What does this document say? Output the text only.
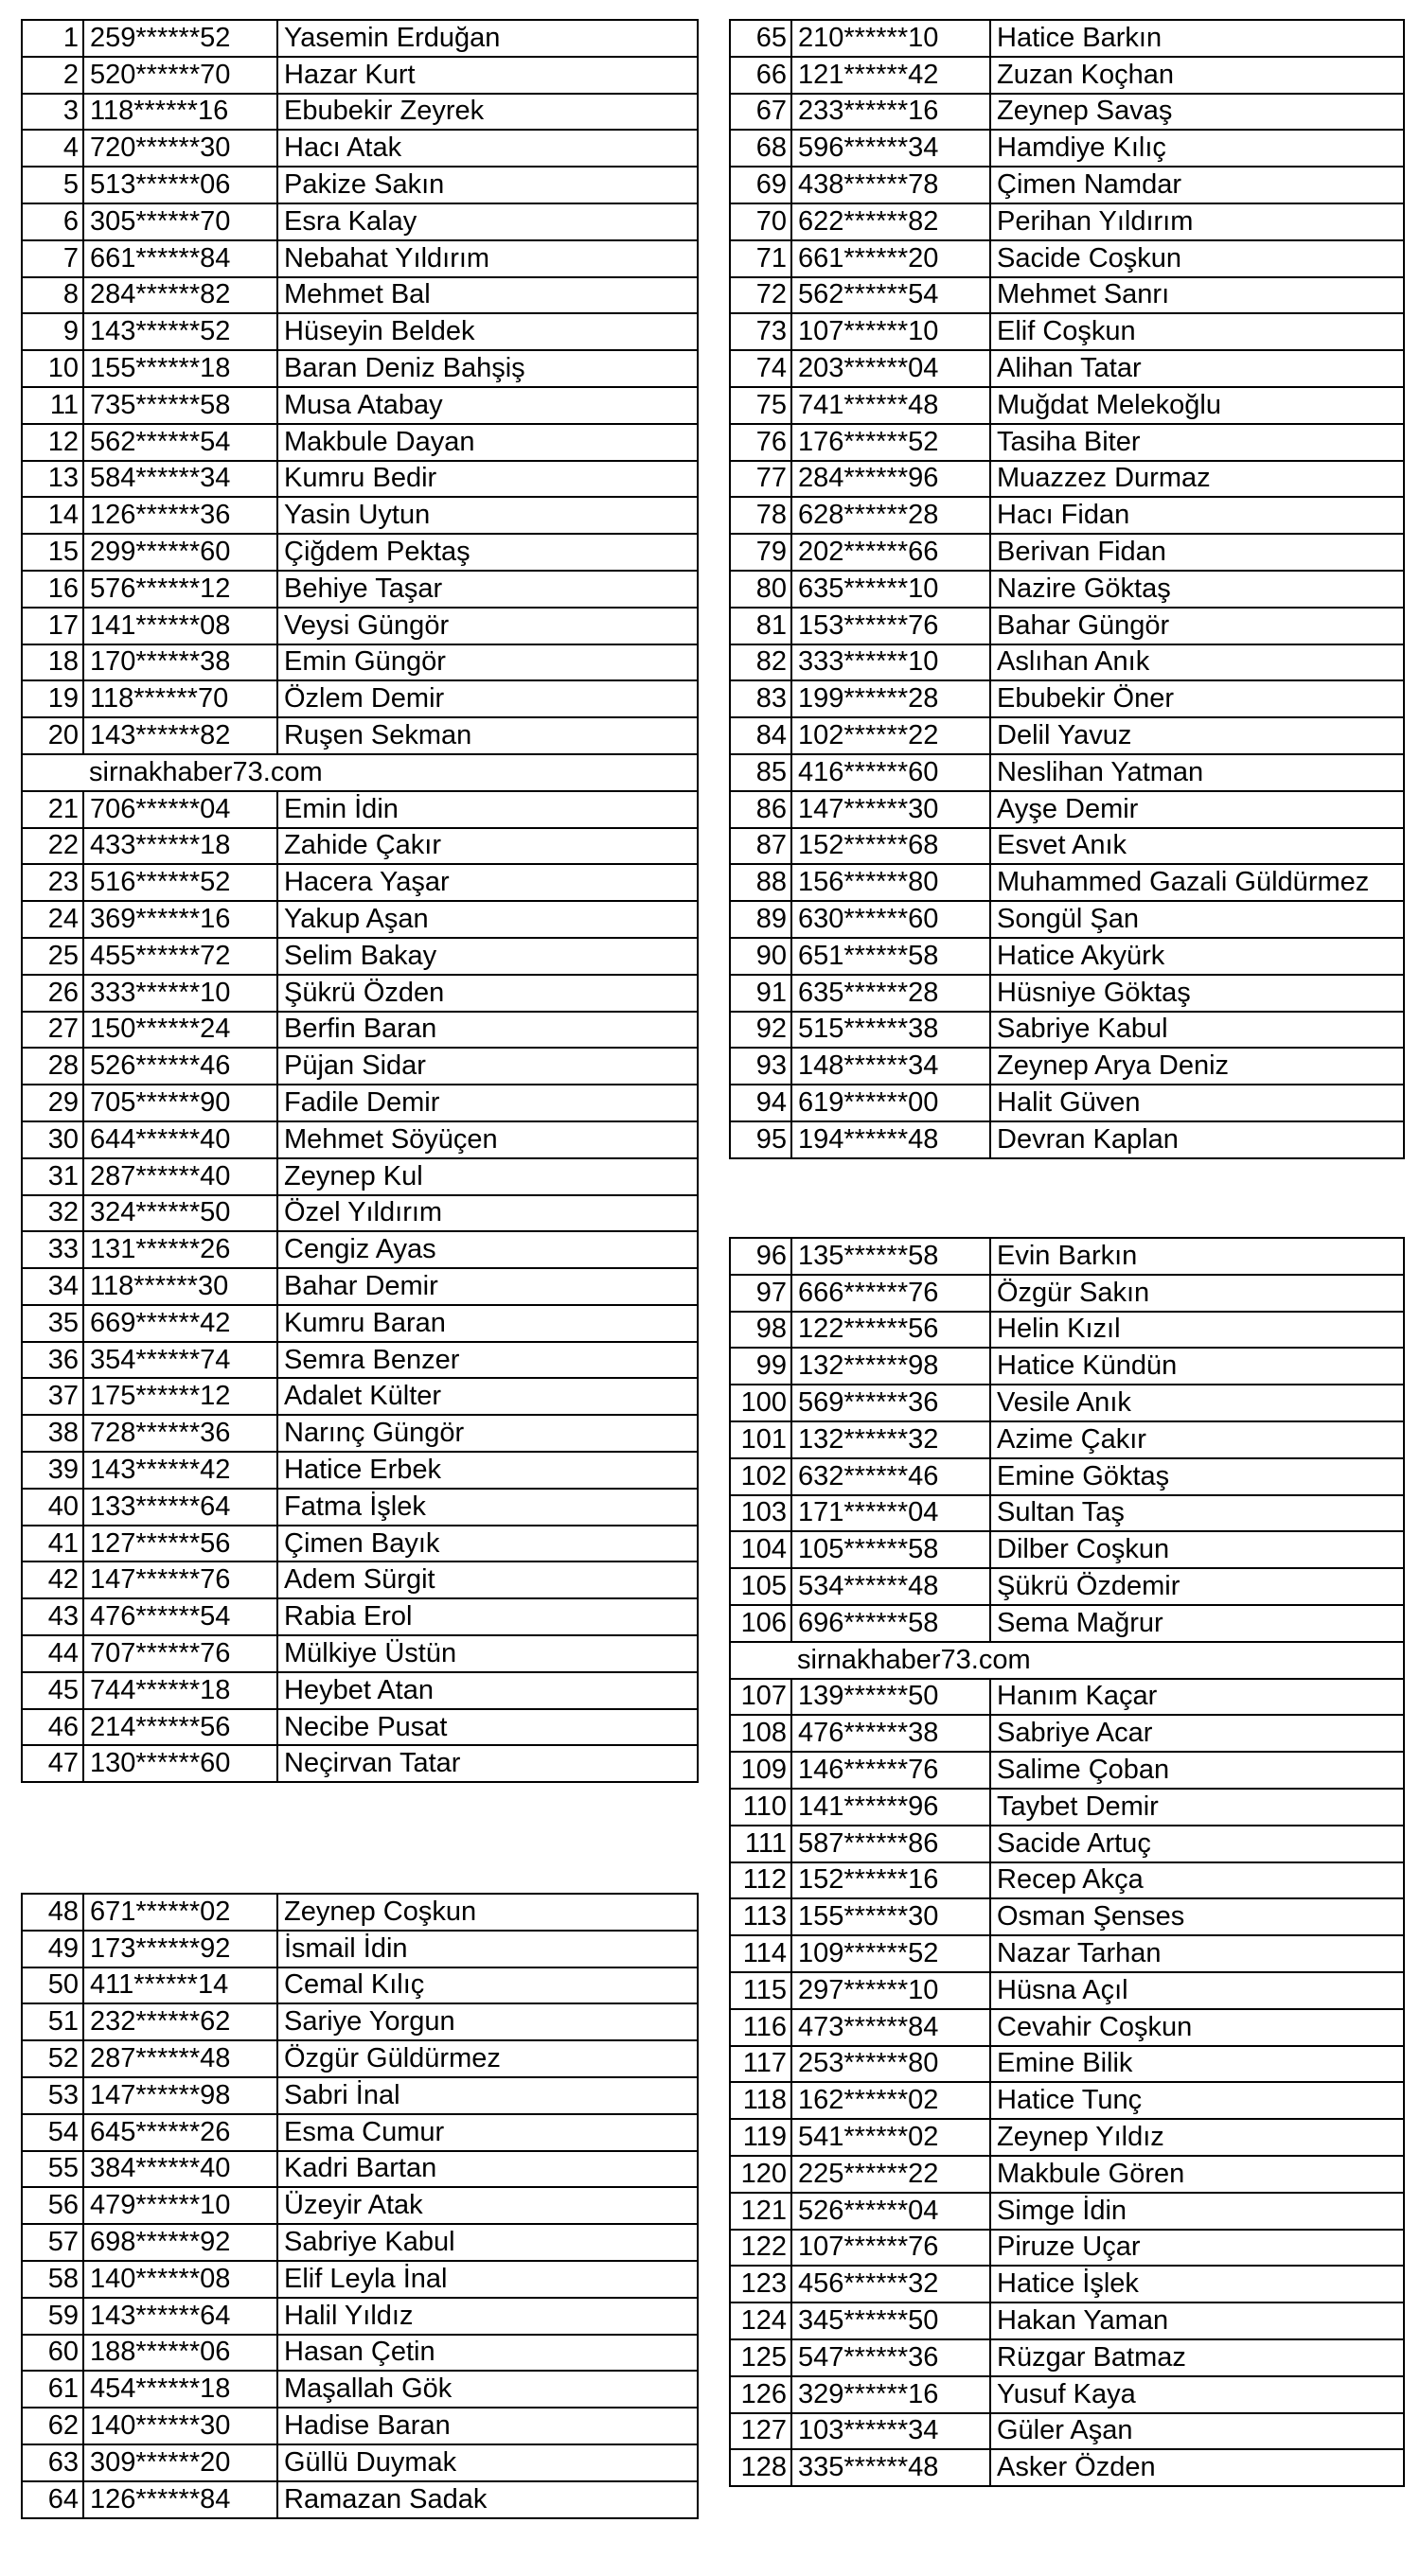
1	259******52	Yasemin Erduğan
2	520******70	Hazar Kurt
3	118******16	Ebubekir Zeyrek
4	720******30	Hacı Atak
5	513******06	Pakize Sakın
6	305******70	Esra Kalay
7	661******84	Nebahat Yıldırım
8	284******82	Mehmet Bal
9	143******52	Hüseyin Beldek
10	155******18	Baran Deniz Bahşiş
11	735******58	Musa Atabay
12	562******54	Makbule Dayan
13	584******34	Kumru Bedir
14	126******36	Yasin Uytun
15	299******60	Çiğdem Pektaş
16	576******12	Behiye Taşar
17	141******08	Veysi Güngör
18	170******38	Emin Güngör
19	118******70	Özlem Demir
20	143******82	Ruşen Sekman
	sirnakhaber73.com	
21	706******04	Emin İdin
22	433******18	Zahide Çakır
23	516******52	Hacera Yaşar
24	369******16	Yakup Aşan
25	455******72	Selim Bakay
26	333******10	Şükrü Özden
27	150******24	Berfin Baran
28	526******46	Püjan Sidar
29	705******90	Fadile Demir
30	644******40	Mehmet Söyüçen
31	287******40	Zeynep Kul
32	324******50	Özel Yıldırım
33	131******26	Cengiz Ayas
34	118******30	Bahar Demir
35	669******42	Kumru Baran
36	354******74	Semra Benzer
37	175******12	Adalet Külter
38	728******36	Narınç Güngör
39	143******42	Hatice Erbek
40	133******64	Fatma İşlek
41	127******56	Çimen Bayık
42	147******76	Adem Sürgit
43	476******54	Rabia Erol
44	707******76	Mülkiye Üstün
45	744******18	Heybet Atan
46	214******56	Necibe Pusat
47	130******60	Neçirvan Tatar
48	671******02	Zeynep Coşkun
49	173******92	İsmail İdin
50	411******14	Cemal Kılıç
51	232******62	Sariye Yorgun
52	287******48	Özgür Güldürmez
53	147******98	Sabri İnal
54	645******26	Esma Cumur
55	384******40	Kadri Bartan
56	479******10	Üzeyir Atak
57	698******92	Sabriye Kabul
58	140******08	Elif Leyla İnal
59	143******64	Halil Yıldız
60	188******06	Hasan Çetin
61	454******18	Maşallah Gök
62	140******30	Hadise Baran
63	309******20	Güllü Duymak
64	126******84	Ramazan Sadak
65	210******10	Hatice Barkın
66	121******42	Zuzan Koçhan
67	233******16	Zeynep Savaş
68	596******34	Hamdiye Kılıç
69	438******78	Çimen Namdar
70	622******82	Perihan Yıldırım
71	661******20	Sacide Coşkun
72	562******54	Mehmet Sanrı
73	107******10	Elif Coşkun
74	203******04	Alihan Tatar
75	741******48	Muğdat Melekoğlu
76	176******52	Tasiha Biter
77	284******96	Muazzez Durmaz
78	628******28	Hacı Fidan
79	202******66	Berivan Fidan
80	635******10	Nazire Göktaş
81	153******76	Bahar Güngör
82	333******10	Aslıhan Anık
83	199******28	Ebubekir Öner
84	102******22	Delil Yavuz
85	416******60	Neslihan Yatman
86	147******30	Ayşe Demir
87	152******68	Esvet Anık
88	156******80	Muhammed Gazali Güldürmez
89	630******60	Songül Şan
90	651******58	Hatice Akyürk
91	635******28	Hüsniye Göktaş
92	515******38	Sabriye Kabul
93	148******34	Zeynep Arya Deniz
94	619******00	Halit Güven
95	194******48	Devran Kaplan
96	135******58	Evin Barkın
97	666******76	Özgür Sakın
98	122******56	Helin Kızıl
99	132******98	Hatice Kündün
100	569******36	Vesile Anık
101	132******32	Azime Çakır
102	632******46	Emine Göktaş
103	171******04	Sultan Taş
104	105******58	Dilber Coşkun
105	534******48	Şükrü Özdemir
106	696******58	Sema Mağrur
	sirnakhaber73.com	
107	139******50	Hanım Kaçar
108	476******38	Sabriye Acar
109	146******76	Salime Çoban
110	141******96	Taybet Demir
111	587******86	Sacide Artuç
112	152******16	Recep Akça
113	155******30	Osman Şenses
114	109******52	Nazar Tarhan
115	297******10	Hüsna Açıl
116	473******84	Cevahir Coşkun
117	253******80	Emine Bilik
118	162******02	Hatice Tunç
119	541******02	Zeynep Yıldız
120	225******22	Makbule Gören
121	526******04	Simge İdin
122	107******76	Piruze Uçar
123	456******32	Hatice İşlek
124	345******50	Hakan Yaman
125	547******36	Rüzgar Batmaz
126	329******16	Yusuf Kaya
127	103******34	Güler Aşan
128	335******48	Asker Özden
